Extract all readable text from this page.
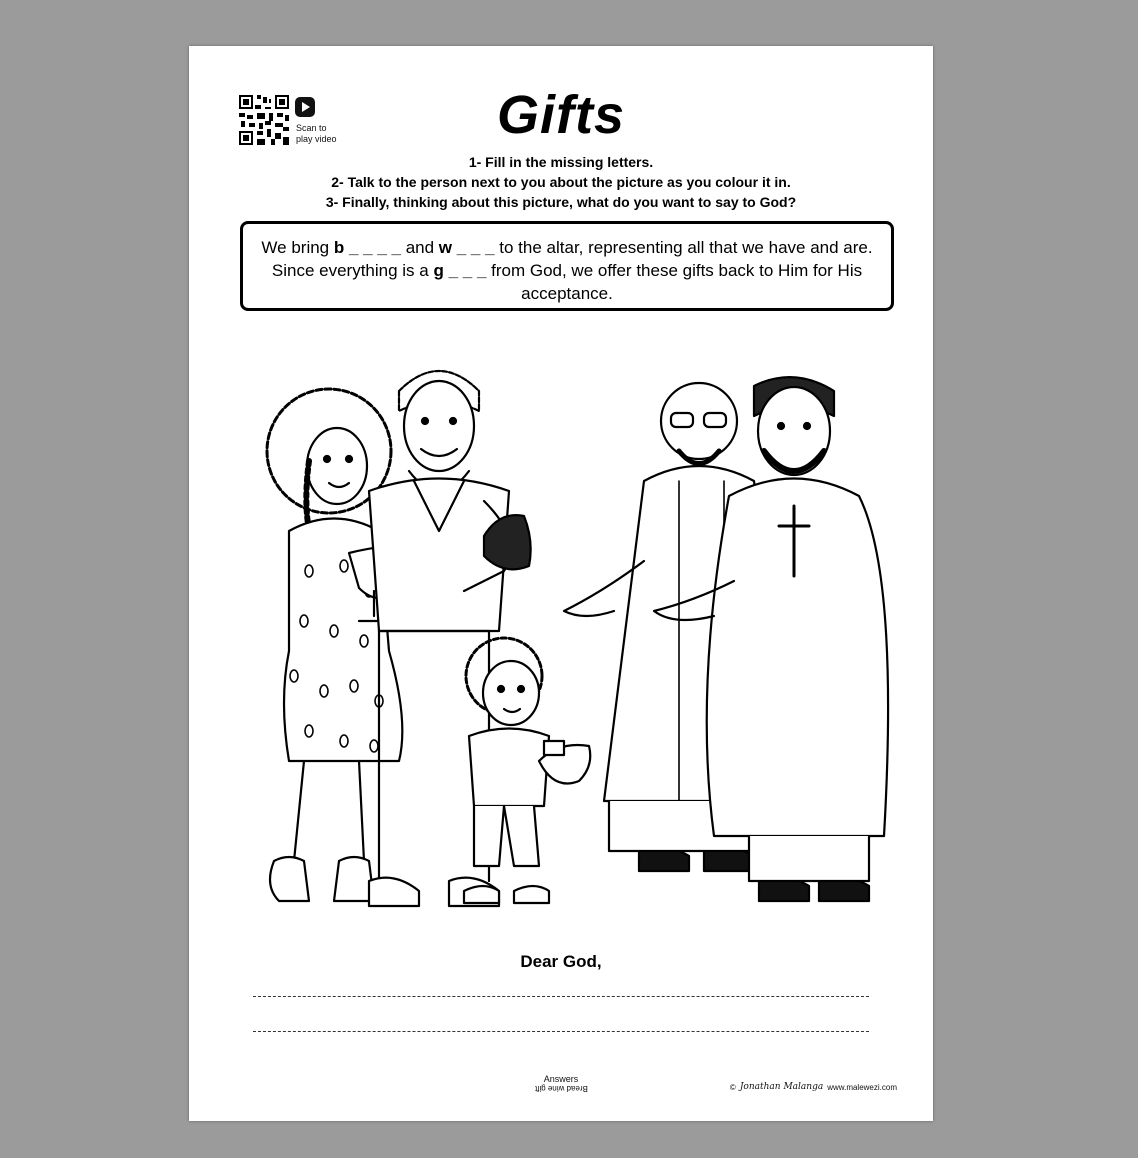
Scan to
play video	Gifts
1- Fill in the missing letters.
2- Talk to the person next to you about the picture as you colour it in.
3- Finally, thinking about this picture, what do you want to say to God?
We bring b _ _ _ _ and w _ _ _ to the altar, representing all that we have and are. Since everything is a g _ _ _ from God, we offer these gifts back to Him for His acceptance.
Dear God,
Answers
Bread wine gift	© Jonathan Malanga www.malewezi.com
